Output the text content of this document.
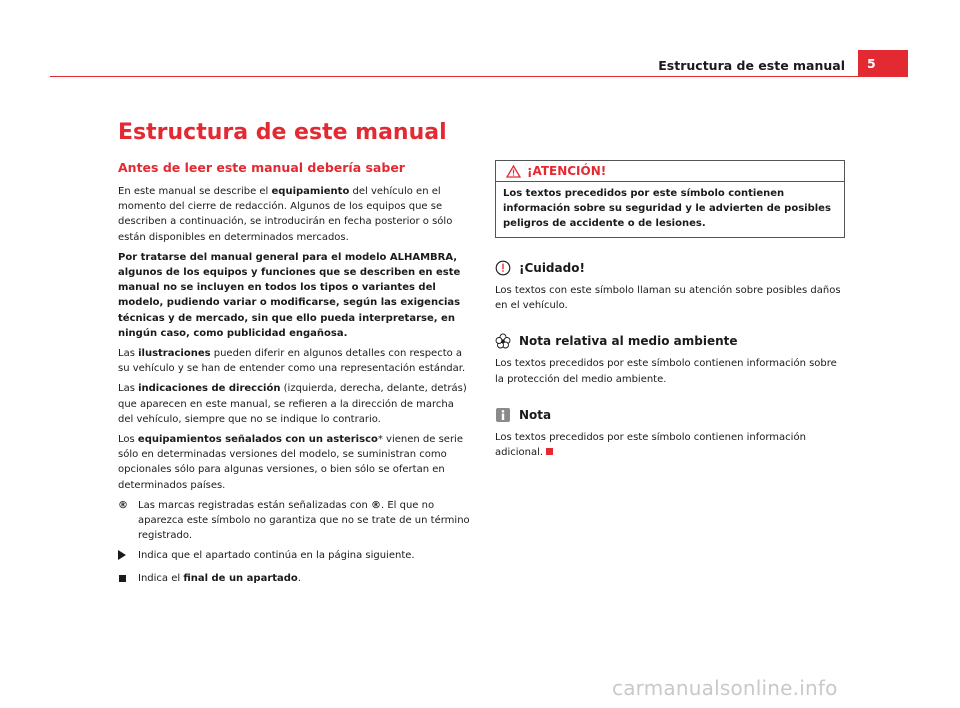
Estructura de este manual	5
Estructura de este manual
Antes de leer este manual debería saber

En este manual se describe el equipamiento del vehículo en el momento del cierre de redacción. Algunos de los equipos que se describen a continuación, se introducirán en fecha posterior o sólo están disponibles en determinados mercados.

Por tratarse del manual general para el modelo ALHAMBRA, algunos de los equipos y funciones que se describen en este manual no se incluyen en todos los tipos o variantes del modelo, pudiendo variar o modificarse, según las exigencias técnicas y de mercado, sin que ello pueda interpretarse, en ningún caso, como publicidad engañosa.

Las ilustraciones pueden diferir en algunos detalles con respecto a su vehículo y se han de entender como una representación estándar.

Las indicaciones de dirección (izquierda, derecha, delante, detrás) que aparecen en este manual, se refieren a la dirección de marcha del vehículo, siempre que no se indique lo contrario.

Los equipamientos señalados con un asterisco* vienen de serie sólo en determinadas versiones del modelo, se suministran como opcionales sólo para algunas versiones, o bien sólo se ofertan en determinados países.

®	Las marcas registradas están señalizadas con ®. El que no aparezca este símbolo no garantiza que no se trate de un término registrado.
Indica que el apartado continúa en la página siguiente.
Indica el final de un apartado.
¡ATENCIÓN!
Los textos precedidos por este símbolo contienen información sobre su seguridad y le advierten de posibles peligros de accidente o de lesiones.
¡Cuidado!

Los textos con este símbolo llaman su atención sobre posibles daños en el vehículo.

Nota relativa al medio ambiente

Los textos precedidos por este símbolo contienen información sobre la protección del medio ambiente.

Nota

Los textos precedidos por este símbolo contienen información adicional.

carmanualsonline.info
